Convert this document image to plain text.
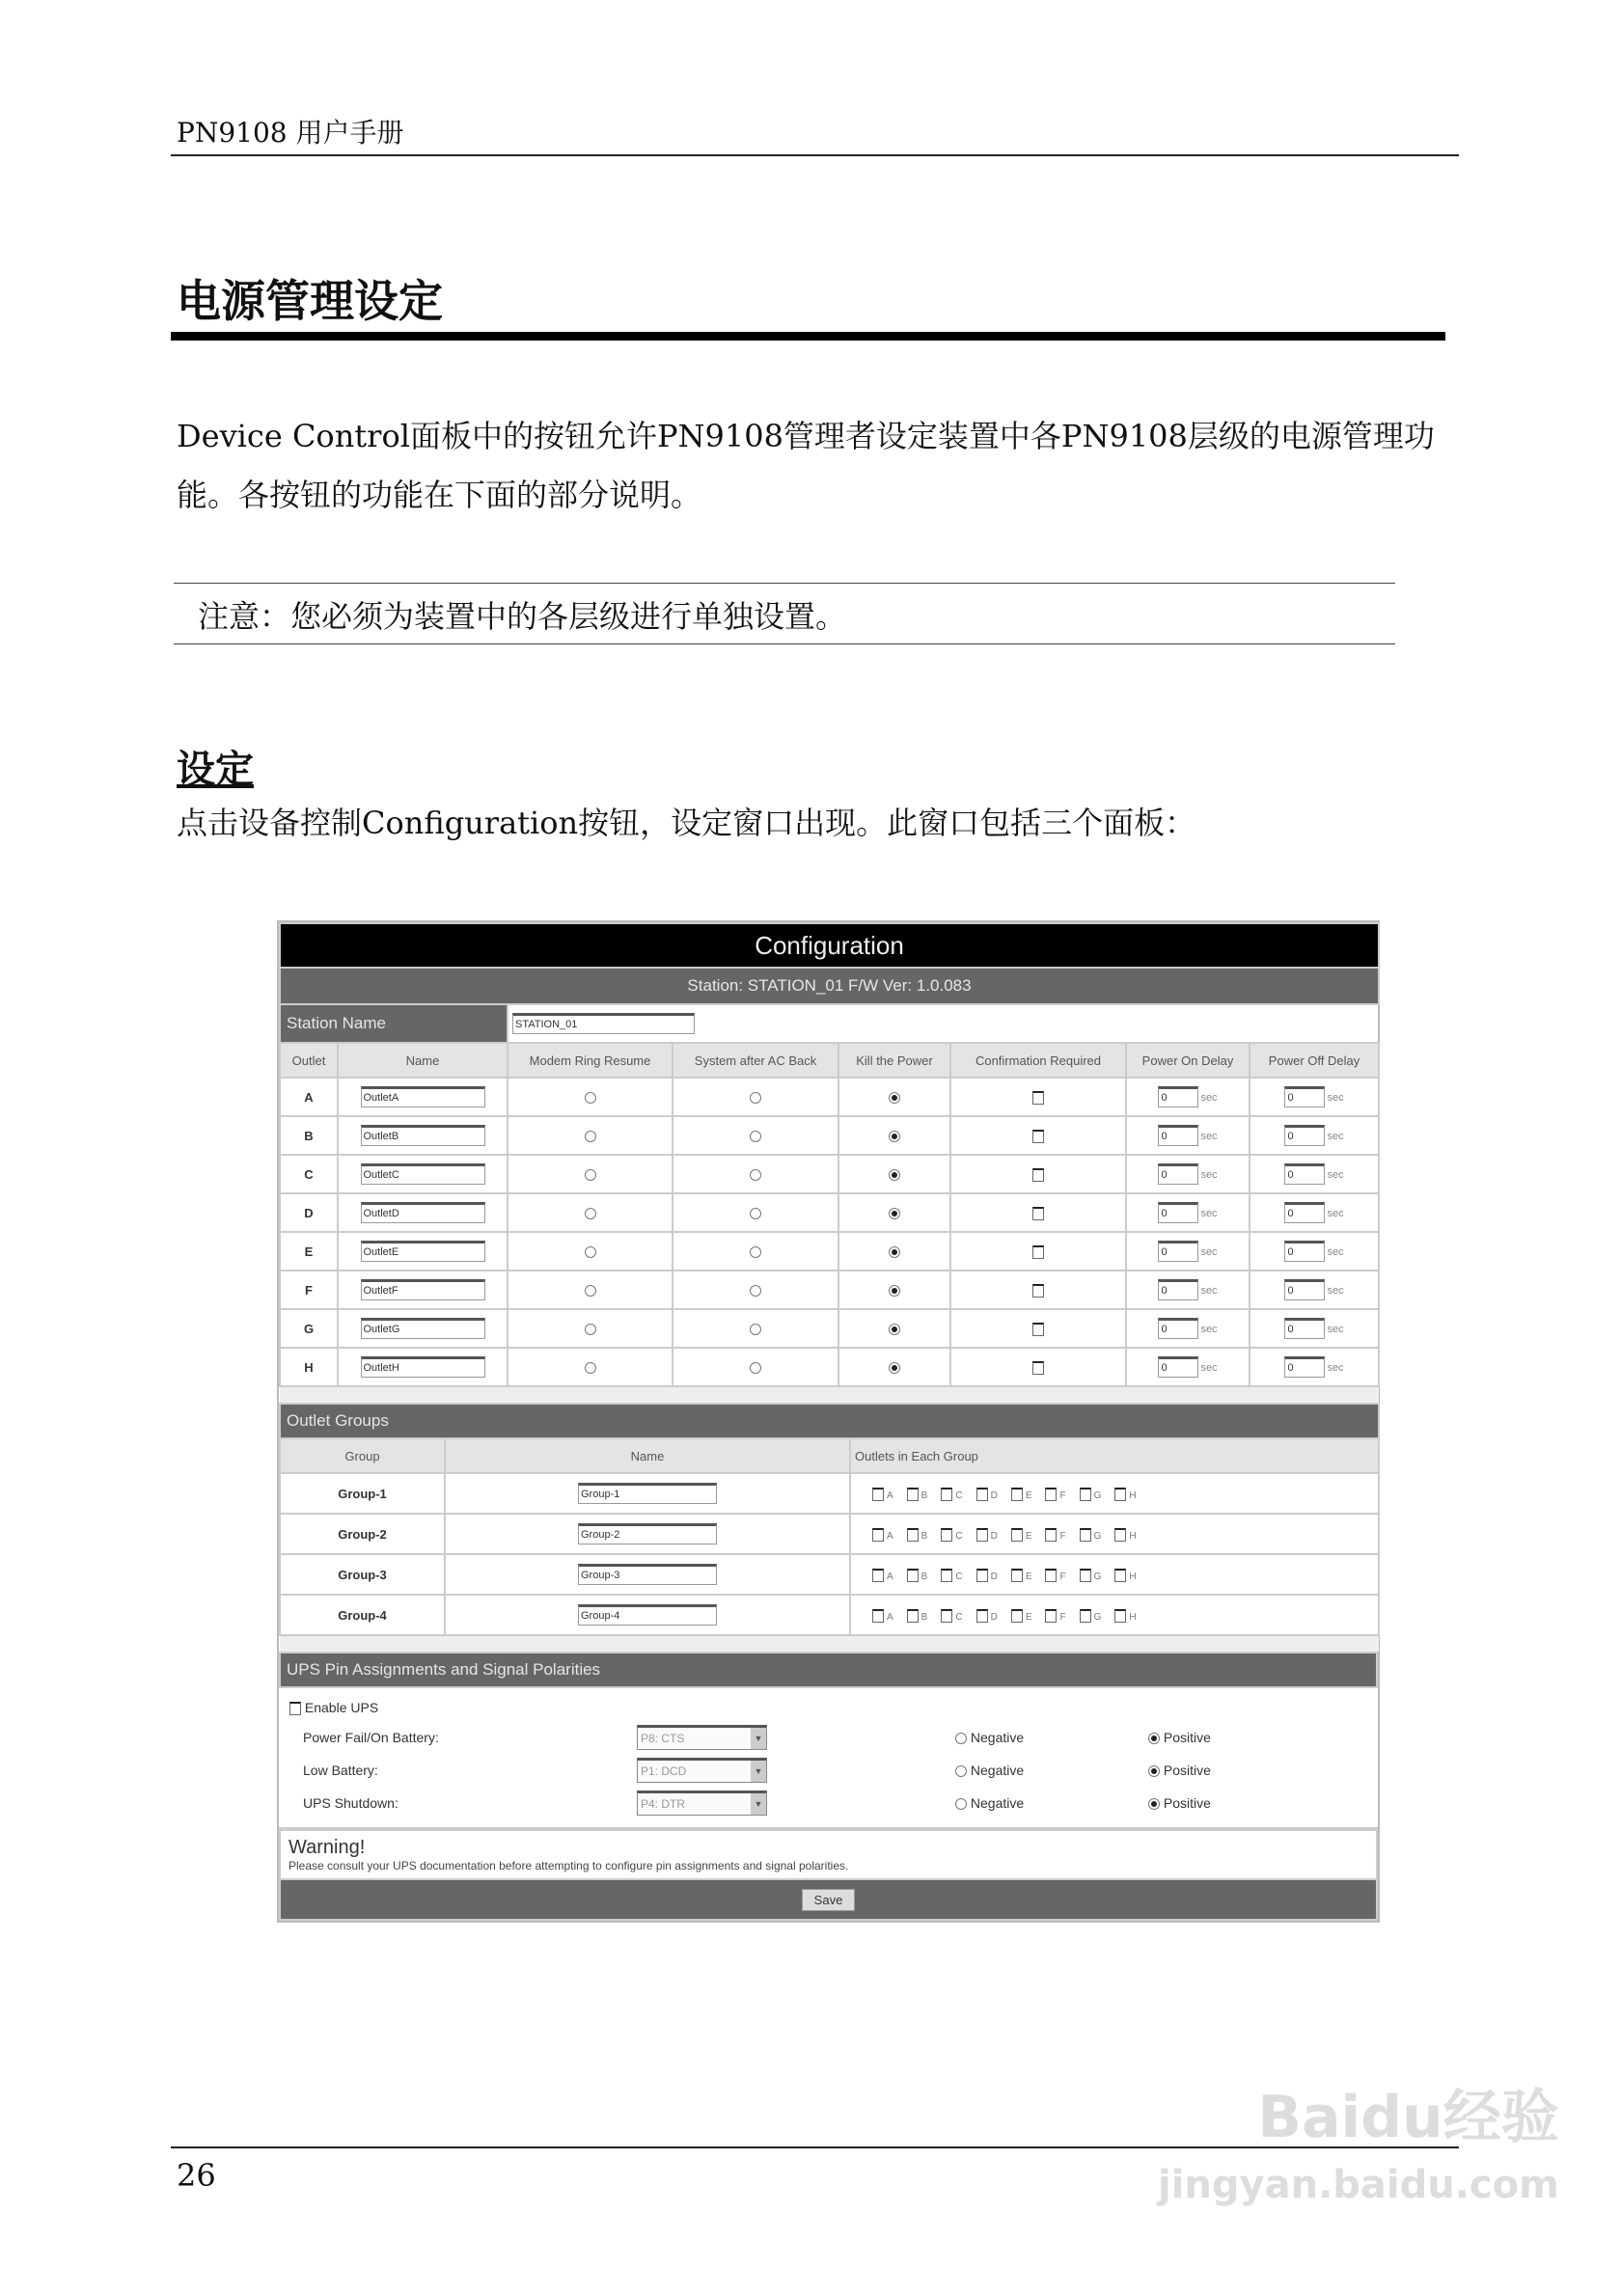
PN9108 用户手册
电源管理设定
Device Control面板中的按钮允许PN9108管理者设定装置中各PN9108层级的电源管理功能。各按钮的功能在下面的部分说明。
注意：您必须为装置中的各层级进行单独设置。
设定
点击设备控制Configuration按钮，设定窗口出现。此窗口包括三个面板：
Configuration							
Station: STATION_01 F/W Ver: 1.0.083							
Station Name		STATION_01					
Outlet	Name	Modem Ring Resume	System after AC Back	Kill the Power	Confirmation Required	Power On Delay	Power Off Delay
A	OutletA					0 sec	0 sec
B	OutletB					0 sec	0 sec
C	OutletC					0 sec	0 sec
D	OutletD					0 sec	0 sec
E	OutletE					0 sec	0 sec
F	OutletF					0 sec	0 sec
G	OutletG					0 sec	0 sec
H	OutletH					0 sec	0 sec

Outlet Groups		
Group	Name	Outlets in Each Group
Group-1	Group-1	A B C D E F G H
Group-2	Group-2	A B C D E F G H
Group-3	Group-3	A B C D E F G H
Group-4	Group-4	A B C D E F G H

UPS Pin Assignments and Signal Polarities

Enable UPS
Power Fail/On Battery:	P8: CTS	▼	Negative	Positive
Low Battery:	P1: DCD	▼	Negative	Positive
UPS Shutdown:	P4: DTR	▼	Negative	Positive

Warning!
Please consult your UPS documentation before attempting to configure pin assignments and signal polarities.

Save
26
Baidu经验
jingyan.baidu.com
